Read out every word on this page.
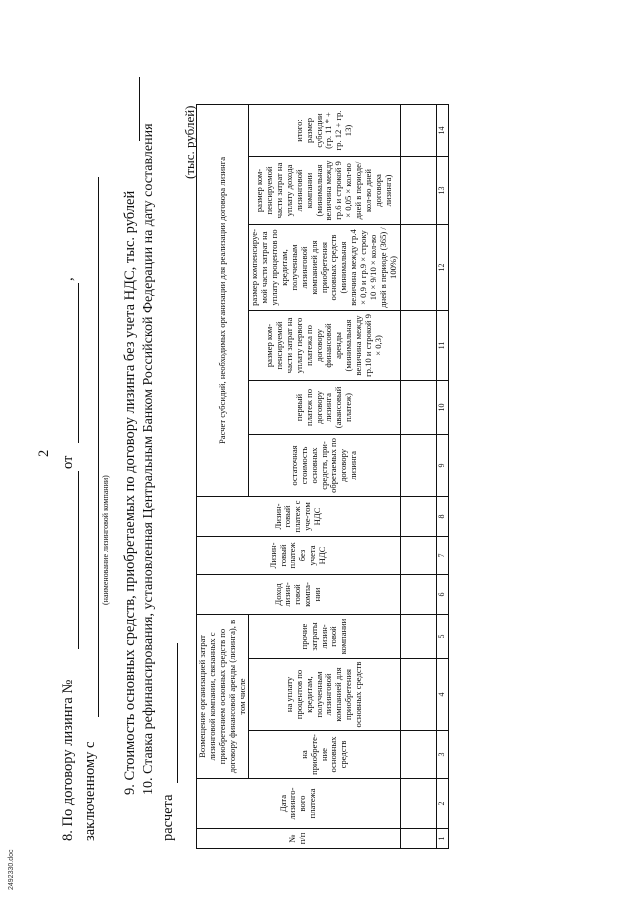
2
8. По договору лизинга №
от
,
заключенному с
(наименование лизинговой компании) 9. Стоимость основных средств, приобретаемых по договору лизинга без учета НДС, тыс. рублей 10. Ставка рефинансирования, установленная Центральным Банком Российской Федерации на дату составления
расчета
(тыс. рублей)
№ п/п	Дата лизинго-вого платежа	Возмещение организацией затрат лизинговой компании, связанных с приобретением основных средств по договору финансовой аренды (лизинга), в том числе			Доход лизин-говой компа-нии	Лизин-говый платеж без учета НДС	Лизин-говый платеж с уче-том НДС	Расчет субсидий, необходимых организации для реализации договора лизинга					
		на приобрете-ние основных средств	на уплату процентов по кредитам, полученным лизинговой компанией для приобретения основных средств	прочие затраты лизин-говой компании				остаточная стоимость основных средств, при-обретаемых по договору лизинга	первый платеж по договору лизинга (авансовый платеж)	размер ком-пенсируемой части затрат на уплату первого платежа по договору финансовой аренды (минимальная величина между гр.10 и строкой 9 × 0,3)	размер компенсируе-мой части затрат на уплату процентов по кредитам, полученным лизинговой компанией для приобретения основных средств (минимальная величина между гр.4 × 0,9 и гр.9 × строку 10 × 9/10 × кол-во дней в периоде (365) / 100%)	размер ком-пенсируемой части затрат на уплату дохода лизинговой компании (минимальная величина между гр.6 и строкой 9 × 0,05 × кол-во дней в периоде/кол-во дней договора лизинга)	итого: размер субсидии (гр. 11 * + гр. 12 + гр. 13)

1	2	3	4	5	6	7	8	9	10	11	12	13	14
2492330.doc
